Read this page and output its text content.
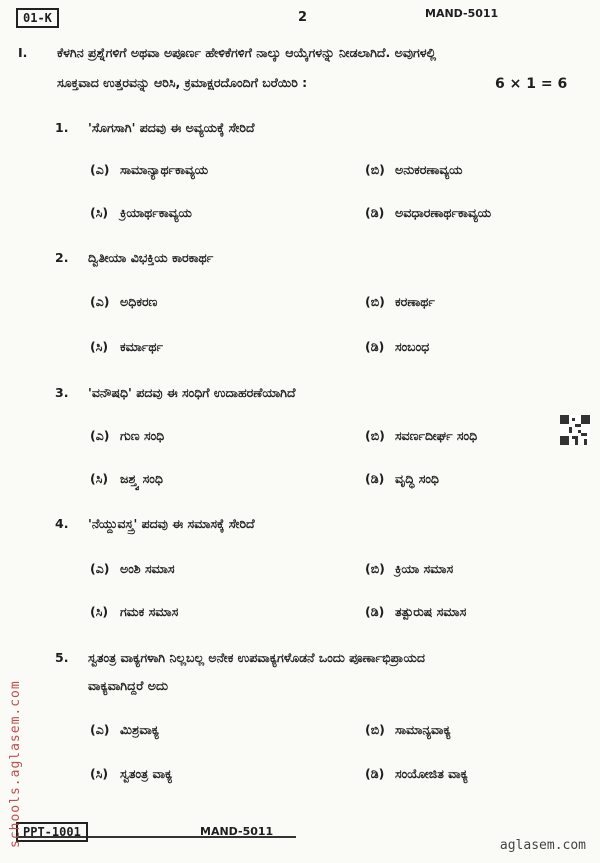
01-K	2	MAND-5011
I. ಕೆಳಗಿನ ಪ್ರಶ್ನೆಗಳಿಗೆ ಅಥವಾ ಅಪೂರ್ಣ ಹೇಳಿಕೆಗಳಿಗೆ ನಾಲ್ಕು ಆಯ್ಕೆಗಳನ್ನು ನೀಡಲಾಗಿದೆ. ಅವುಗಳಲ್ಲಿ
ಸೂಕ್ತವಾದ ಉತ್ತರವನ್ನು ಆರಿಸಿ, ಕ್ರಮಾಕ್ಷರದೊಂದಿಗೆ ಬರೆಯಿರಿ :	6 × 1 = 6
1. 'ಸೊಗಸಾಗಿ' ಪದವು ಈ ಅವ್ಯಯಕ್ಕೆ ಸೇರಿದೆ
(ಎ) ಸಾಮಾನ್ಯಾರ್ಥಕಾವ್ಯಯ	(ಬಿ) ಅನುಕರಣಾವ್ಯಯ
(ಸಿ) ಕ್ರಿಯಾರ್ಥಕಾವ್ಯಯ	(ಡಿ) ಅವಧಾರಣಾರ್ಥಕಾವ್ಯಯ
2. ದ್ವಿತೀಯಾ ವಿಭಕ್ತಿಯ ಕಾರಕಾರ್ಥ
(ಎ) ಅಧಿಕರಣ	(ಬಿ) ಕರಣಾರ್ಥ
(ಸಿ) ಕರ್ಮಾರ್ಥ	(ಡಿ) ಸಂಬಂಧ
3. 'ವನೌಷಧಿ' ಪದವು ಈ ಸಂಧಿಗೆ ಉದಾಹರಣೆಯಾಗಿದೆ
(ಎ) ಗುಣ ಸಂಧಿ	(ಬಿ) ಸವರ್ಣದೀರ್ಘ ಸಂಧಿ
(ಸಿ) ಜಶ್ತ್ವ ಸಂಧಿ	(ಡಿ) ವೃದ್ಧಿ ಸಂಧಿ
4. 'ನೆಯ್ದುವಸ್ತ್ರ' ಪದವು ಈ ಸಮಾಸಕ್ಕೆ ಸೇರಿದೆ
(ಎ) ಅಂಶಿ ಸಮಾಸ	(ಬಿ) ಕ್ರಿಯಾ ಸಮಾಸ
(ಸಿ) ಗಮಕ ಸಮಾಸ	(ಡಿ) ತತ್ಪುರುಷ ಸಮಾಸ
5. ಸ್ವತಂತ್ರ ವಾಕ್ಯಗಳಾಗಿ ನಿಲ್ಲಬಲ್ಲ ಅನೇಕ ಉಪವಾಕ್ಯಗಳೊಡನೆ ಒಂದು ಪೂರ್ಣಾಭಿಪ್ರಾಯದ
ವಾಕ್ಯವಾಗಿದ್ದರೆ ಅದು
(ಎ) ಮಿಶ್ರವಾಕ್ಯ	(ಬಿ) ಸಾಮಾನ್ಯವಾಕ್ಯ
(ಸಿ) ಸ್ವತಂತ್ರ ವಾಕ್ಯ	(ಡಿ) ಸಂಯೋಜಿತ ವಾಕ್ಯ
PPT-1001	MAND-5011
schools.aglasem.com	aglasem.com
